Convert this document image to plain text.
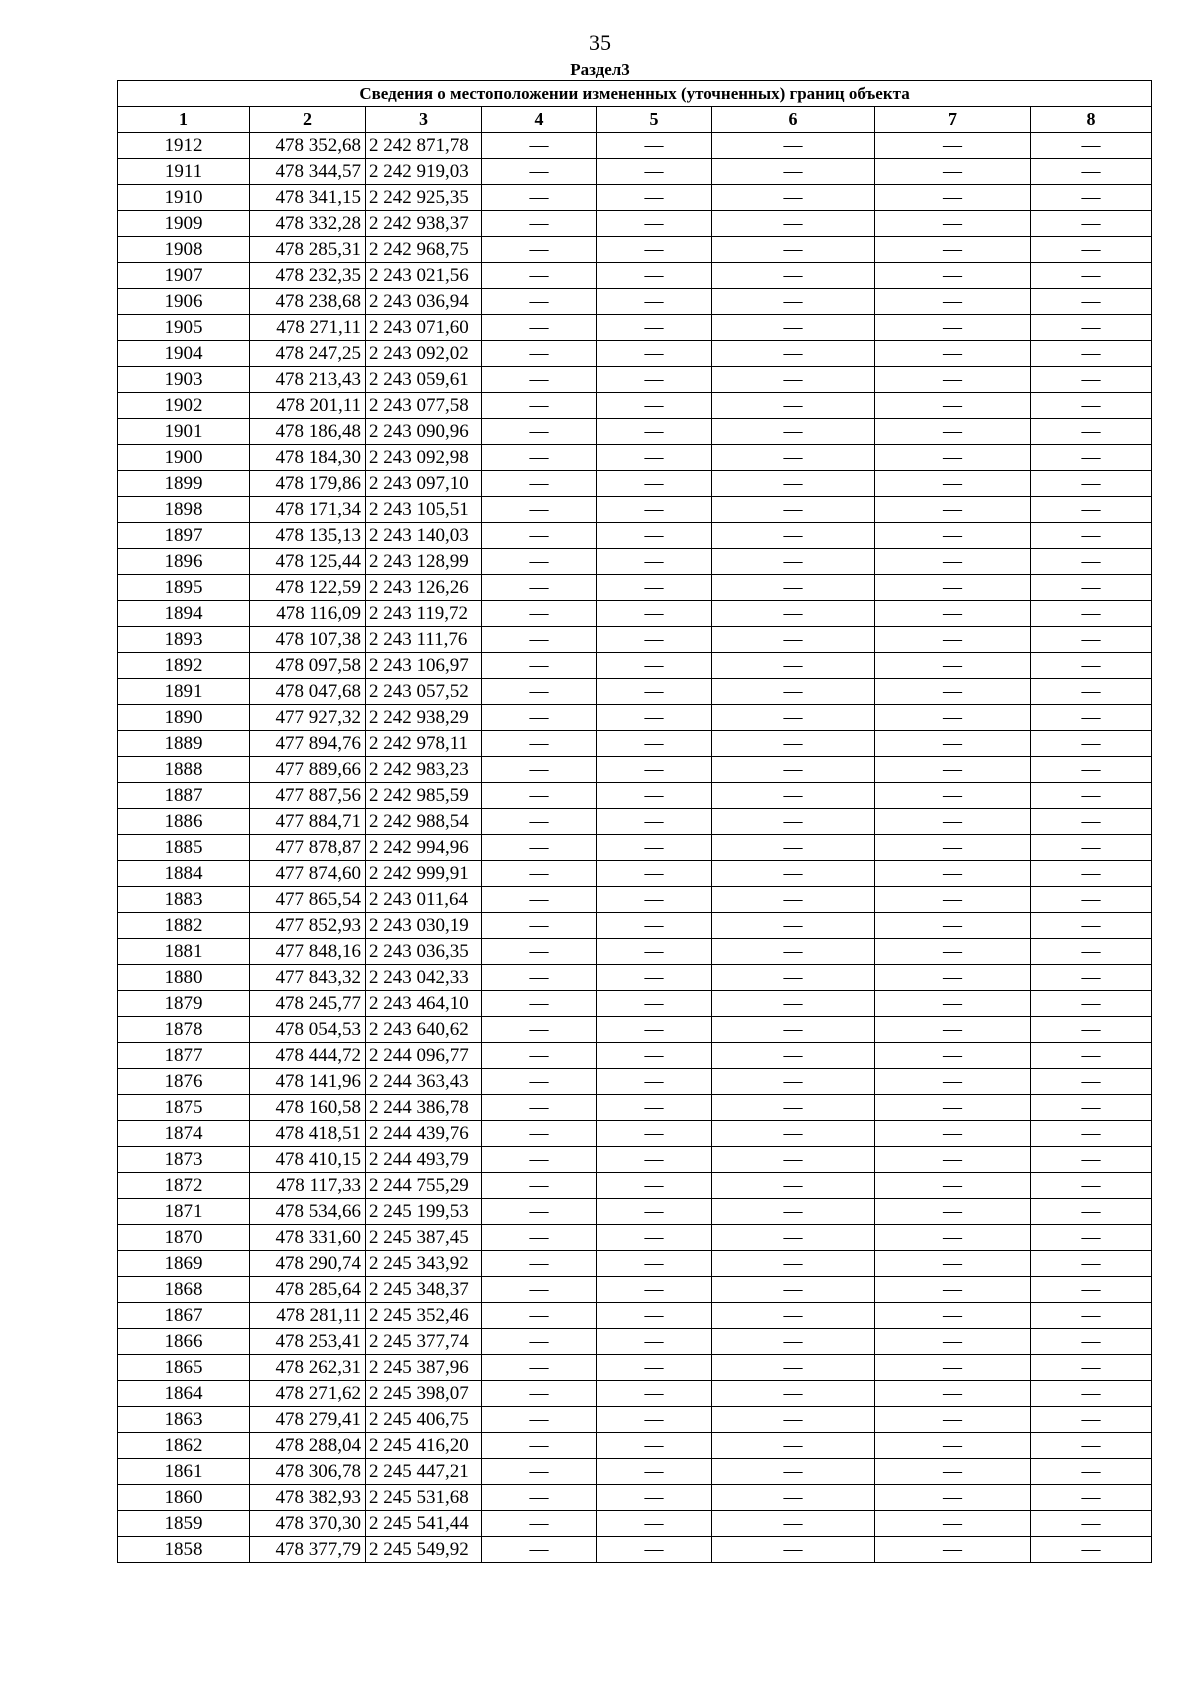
35
Раздел3
Сведения о местоположении измененных (уточненных) границ объекта							
1	2	3	4	5	6	7	8
1912	478 352,68	2 242 871,78	—	—	—	—	—
1911	478 344,57	2 242 919,03	—	—	—	—	—
1910	478 341,15	2 242 925,35	—	—	—	—	—
1909	478 332,28	2 242 938,37	—	—	—	—	—
1908	478 285,31	2 242 968,75	—	—	—	—	—
1907	478 232,35	2 243 021,56	—	—	—	—	—
1906	478 238,68	2 243 036,94	—	—	—	—	—
1905	478 271,11	2 243 071,60	—	—	—	—	—
1904	478 247,25	2 243 092,02	—	—	—	—	—
1903	478 213,43	2 243 059,61	—	—	—	—	—
1902	478 201,11	2 243 077,58	—	—	—	—	—
1901	478 186,48	2 243 090,96	—	—	—	—	—
1900	478 184,30	2 243 092,98	—	—	—	—	—
1899	478 179,86	2 243 097,10	—	—	—	—	—
1898	478 171,34	2 243 105,51	—	—	—	—	—
1897	478 135,13	2 243 140,03	—	—	—	—	—
1896	478 125,44	2 243 128,99	—	—	—	—	—
1895	478 122,59	2 243 126,26	—	—	—	—	—
1894	478 116,09	2 243 119,72	—	—	—	—	—
1893	478 107,38	2 243 111,76	—	—	—	—	—
1892	478 097,58	2 243 106,97	—	—	—	—	—
1891	478 047,68	2 243 057,52	—	—	—	—	—
1890	477 927,32	2 242 938,29	—	—	—	—	—
1889	477 894,76	2 242 978,11	—	—	—	—	—
1888	477 889,66	2 242 983,23	—	—	—	—	—
1887	477 887,56	2 242 985,59	—	—	—	—	—
1886	477 884,71	2 242 988,54	—	—	—	—	—
1885	477 878,87	2 242 994,96	—	—	—	—	—
1884	477 874,60	2 242 999,91	—	—	—	—	—
1883	477 865,54	2 243 011,64	—	—	—	—	—
1882	477 852,93	2 243 030,19	—	—	—	—	—
1881	477 848,16	2 243 036,35	—	—	—	—	—
1880	477 843,32	2 243 042,33	—	—	—	—	—
1879	478 245,77	2 243 464,10	—	—	—	—	—
1878	478 054,53	2 243 640,62	—	—	—	—	—
1877	478 444,72	2 244 096,77	—	—	—	—	—
1876	478 141,96	2 244 363,43	—	—	—	—	—
1875	478 160,58	2 244 386,78	—	—	—	—	—
1874	478 418,51	2 244 439,76	—	—	—	—	—
1873	478 410,15	2 244 493,79	—	—	—	—	—
1872	478 117,33	2 244 755,29	—	—	—	—	—
1871	478 534,66	2 245 199,53	—	—	—	—	—
1870	478 331,60	2 245 387,45	—	—	—	—	—
1869	478 290,74	2 245 343,92	—	—	—	—	—
1868	478 285,64	2 245 348,37	—	—	—	—	—
1867	478 281,11	2 245 352,46	—	—	—	—	—
1866	478 253,41	2 245 377,74	—	—	—	—	—
1865	478 262,31	2 245 387,96	—	—	—	—	—
1864	478 271,62	2 245 398,07	—	—	—	—	—
1863	478 279,41	2 245 406,75	—	—	—	—	—
1862	478 288,04	2 245 416,20	—	—	—	—	—
1861	478 306,78	2 245 447,21	—	—	—	—	—
1860	478 382,93	2 245 531,68	—	—	—	—	—
1859	478 370,30	2 245 541,44	—	—	—	—	—
1858	478 377,79	2 245 549,92	—	—	—	—	—
